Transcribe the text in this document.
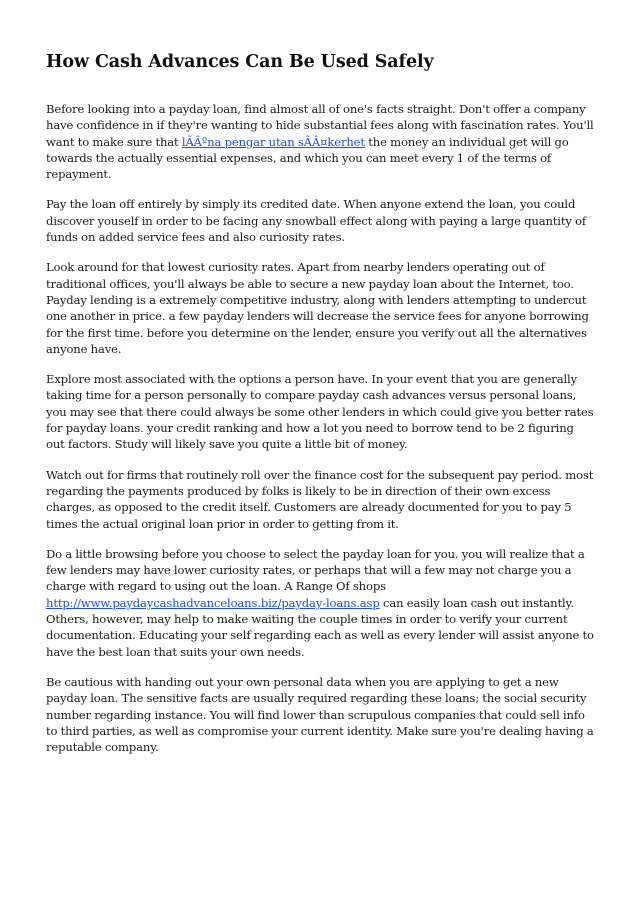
How Cash Advances Can Be Used Safely

Before looking into a payday loan, find almost all of one's facts straight. Don't offer a company have confidence in if they're wanting to hide substantial fees along with fascination rates. You'll want to make sure that lÃÂºna pengar utan sÃÂ¤kerhet the money an individual get will go towards the actually essential expenses, and which you can meet every 1 of the terms of repayment.

Pay the loan off entirely by simply its credited date. When anyone extend the loan, you could discover youself in order to be facing any snowball effect along with paying a large quantity of funds on added service fees and also curiosity rates.

Look around for that lowest curiosity rates. Apart from nearby lenders operating out of traditional offices, you'll always be able to secure a new payday loan about the Internet, too. Payday lending is a extremely competitive industry, along with lenders attempting to undercut one another in price. a few payday lenders will decrease the service fees for anyone borrowing for the first time. before you determine on the lender, ensure you verify out all the alternatives anyone have.

Explore most associated with the options a person have. In your event that you are generally taking time for a person personally to compare payday cash advances versus personal loans, you may see that there could always be some other lenders in which could give you better rates for payday loans. your credit ranking and how a lot you need to borrow tend to be 2 figuring out factors. Study will likely save you quite a little bit of money.

Watch out for firms that routinely roll over the finance cost for the subsequent pay period. most regarding the payments produced by folks is likely to be in direction of their own excess charges, as opposed to the credit itself. Customers are already documented for you to pay 5 times the actual original loan prior in order to getting from it.

Do a little browsing before you choose to select the payday loan for you. you will realize that a few lenders may have lower curiosity rates, or perhaps that will a few may not charge you a charge with regard to using out the loan. A Range Of shops http://www.paydaycashadvanceloans.biz/payday-loans.asp can easily loan cash out instantly. Others, however, may help to make waiting the couple times in order to verify your current documentation. Educating your self regarding each as well as every lender will assist anyone to have the best loan that suits your own needs.

Be cautious with handing out your own personal data when you are applying to get a new payday loan. The sensitive facts are usually required regarding these loans; the social security number regarding instance. You will find lower than scrupulous companies that could sell info to third parties, as well as compromise your current identity. Make sure you're dealing having a reputable company.
